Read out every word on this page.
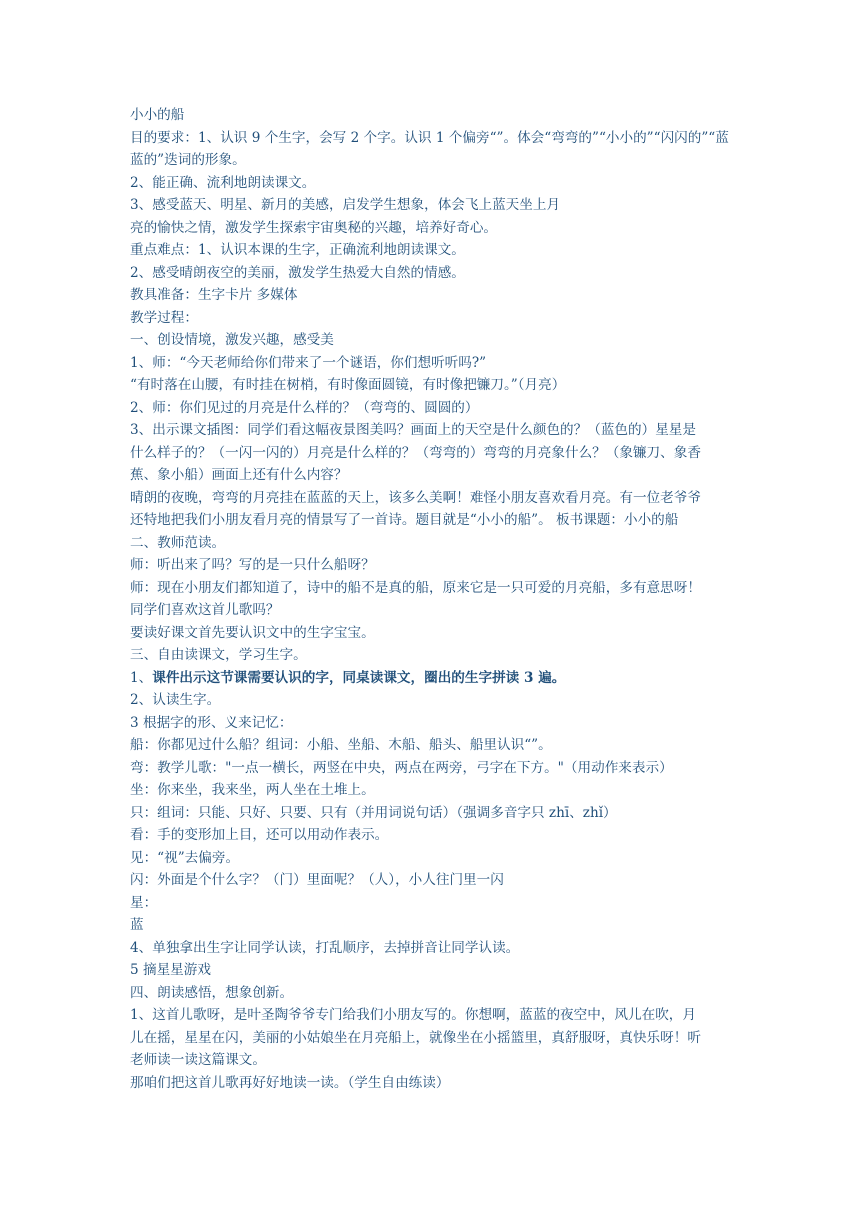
小小的船
目的要求：1、认识 9 个生字，会写 2 个字。认识 1 个偏旁“”。体会“弯弯的”“小小的”“闪闪的”“蓝
蓝的”迭词的形象。
2、能正确、流利地朗读课文。
3、感受蓝天、明星、新月的美感，启发学生想象，体会飞上蓝天坐上月
亮的愉快之情，激发学生探索宇宙奥秘的兴趣，培养好奇心。
重点难点：1、认识本课的生字，正确流利地朗读课文。
2、感受晴朗夜空的美丽，激发学生热爱大自然的情感。
教具准备：生字卡片 多媒体
教学过程：
一、创设情境，激发兴趣，感受美
1、师：“今天老师给你们带来了一个谜语，你们想听听吗?”
“有时落在山腰，有时挂在树梢，有时像面圆镜，有时像把镰刀。”（月亮）
2、师：你们见过的月亮是什么样的？（弯弯的、圆圆的）
3、出示课文插图：同学们看这幅夜景图美吗？画面上的天空是什么颜色的？（蓝色的）星星是
什么样子的？（一闪一闪的）月亮是什么样的？（弯弯的）弯弯的月亮象什么？（象镰刀、象香
蕉、象小船）画面上还有什么内容？
晴朗的夜晚，弯弯的月亮挂在蓝蓝的天上，该多么美啊！难怪小朋友喜欢看月亮。有一位老爷爷
还特地把我们小朋友看月亮的情景写了一首诗。题目就是“小小的船”。 板书课题：小小的船
二、教师范读。
师：听出来了吗？写的是一只什么船呀？
师：现在小朋友们都知道了，诗中的船不是真的船，原来它是一只可爱的月亮船，多有意思呀！
同学们喜欢这首儿歌吗？
要读好课文首先要认识文中的生字宝宝。
三、自由读课文，学习生字。
1、课件出示这节课需要认识的字，同桌读课文，圈出的生字拼读 3 遍。
2、认读生字。
3 根据字的形、义来记忆：
船：你都见过什么船？组词：小船、坐船、木船、船头、船里认识“”。
弯：教学儿歌："一点一横长，两竖在中央，两点在两旁，弓字在下方。"（用动作来表示）
坐：你来坐，我来坐，两人坐在土堆上。
只：组词：只能、只好、只要、只有（并用词说句话）（强调多音字只 zhī、zhǐ）
看：手的变形加上目，还可以用动作表示。
见：“视”去偏旁。
闪：外面是个什么字？（门）里面呢？（人），小人往门里一闪
星：
蓝
4、单独拿出生字让同学认读，打乱顺序，去掉拼音让同学认读。
5 摘星星游戏
四、朗读感悟，想象创新。
1、这首儿歌呀，是叶圣陶爷爷专门给我们小朋友写的。你想啊，蓝蓝的夜空中，风儿在吹，月
儿在摇，星星在闪，美丽的小姑娘坐在月亮船上，就像坐在小摇篮里，真舒服呀，真快乐呀！听
老师读一读这篇课文。
那咱们把这首儿歌再好好地读一读。（学生自由练读）
